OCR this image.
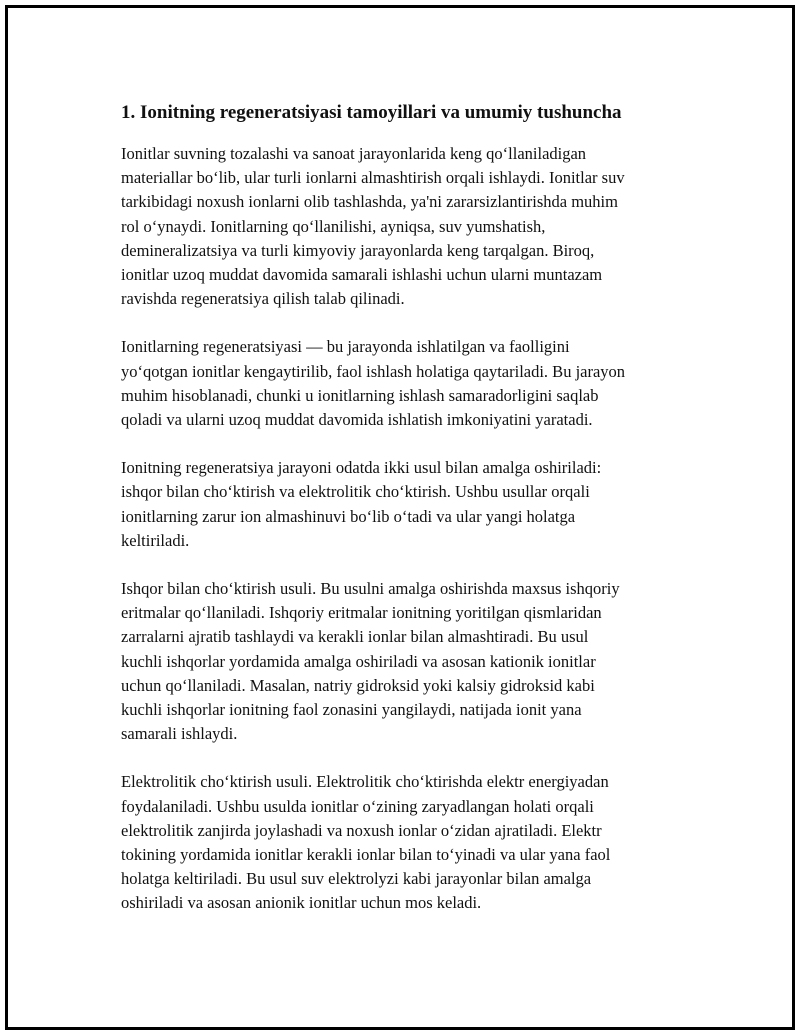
1. Ionitning regeneratsiyasi tamoyillari va umumiy tushuncha

Ionitlar suvning tozalashi va sanoat jarayonlarida keng qo‘llaniladigan
materiallar bo‘lib, ular turli ionlarni almashtirish orqali ishlaydi. Ionitlar suv
tarkibidagi noxush ionlarni olib tashlashda, ya'ni zararsizlantirishda muhim
rol o‘ynaydi. Ionitlarning qo‘llanilishi, ayniqsa, suv yumshatish,
demineralizatsiya va turli kimyoviy jarayonlarda keng tarqalgan. Biroq,
ionitlar uzoq muddat davomida samarali ishlashi uchun ularni muntazam
ravishda regeneratsiya qilish talab qilinadi.

Ionitlarning regeneratsiyasi — bu jarayonda ishlatilgan va faolligini
yo‘qotgan ionitlar kengaytirilib, faol ishlash holatiga qaytariladi. Bu jarayon
muhim hisoblanadi, chunki u ionitlarning ishlash samaradorligini saqlab
qoladi va ularni uzoq muddat davomida ishlatish imkoniyatini yaratadi.

Ionitning regeneratsiya jarayoni odatda ikki usul bilan amalga oshiriladi:
ishqor bilan cho‘ktirish va elektrolitik cho‘ktirish. Ushbu usullar orqali
ionitlarning zarur ion almashinuvi bo‘lib o‘tadi va ular yangi holatga
keltiriladi.

Ishqor bilan cho‘ktirish usuli. Bu usulni amalga oshirishda maxsus ishqoriy
eritmalar qo‘llaniladi. Ishqoriy eritmalar ionitning yoritilgan qismlaridan
zarralarni ajratib tashlaydi va kerakli ionlar bilan almashtiradi. Bu usul
kuchli ishqorlar yordamida amalga oshiriladi va asosan kationik ionitlar
uchun qo‘llaniladi. Masalan, natriy gidroksid yoki kalsiy gidroksid kabi
kuchli ishqorlar ionitning faol zonasini yangilaydi, natijada ionit yana
samarali ishlaydi.

Elektrolitik cho‘ktirish usuli. Elektrolitik cho‘ktirishda elektr energiyadan
foydalaniladi. Ushbu usulda ionitlar o‘zining zaryadlangan holati orqali
elektrolitik zanjirda joylashadi va noxush ionlar o‘zidan ajratiladi. Elektr
tokining yordamida ionitlar kerakli ionlar bilan to‘yinadi va ular yana faol
holatga keltiriladi. Bu usul suv elektrolyzi kabi jarayonlar bilan amalga
oshiriladi va asosan anionik ionitlar uchun mos keladi.
